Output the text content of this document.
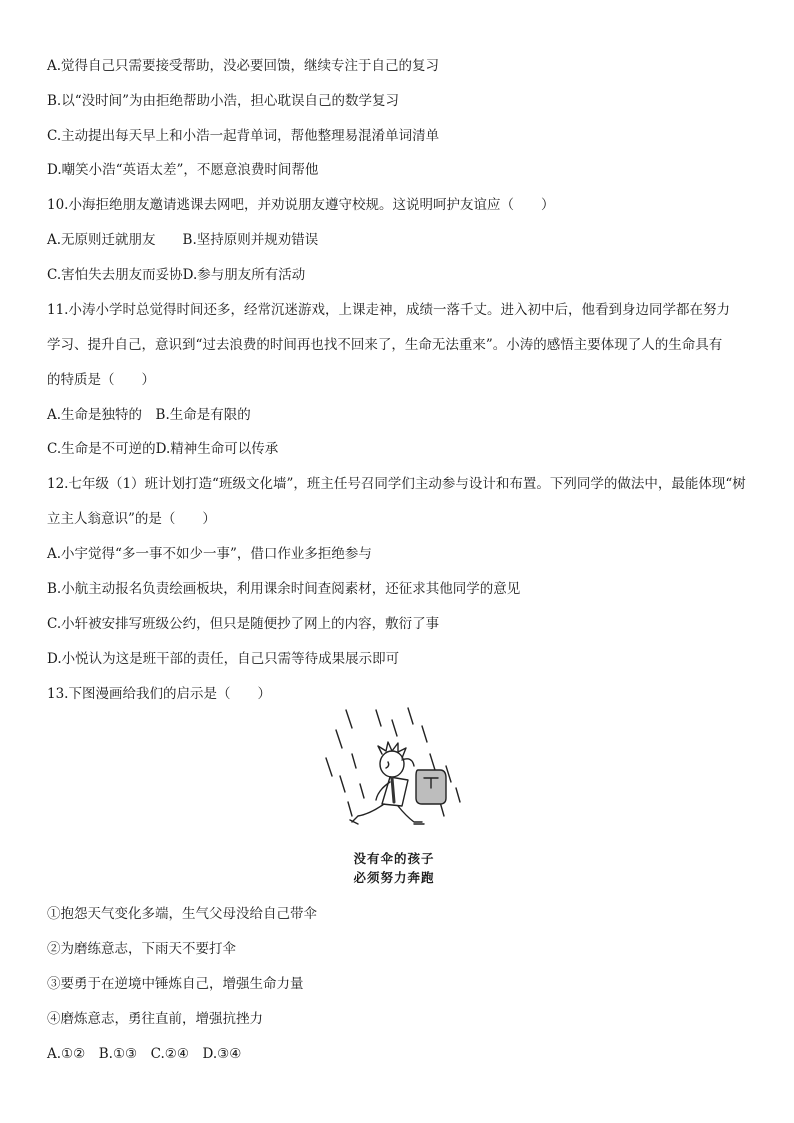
A.觉得自己只需要接受帮助，没必要回馈，继续专注于自己的复习
B.以“没时间”为由拒绝帮助小浩，担心耽误自己的数学复习
C.主动提出每天早上和小浩一起背单词，帮他整理易混淆单词清单
D.嘲笑小浩“英语太差”，不愿意浪费时间帮他
10.小海拒绝朋友邀请逃课去网吧，并劝说朋友遵守校规。这说明呵护友谊应（　　）
A.无原则迁就朋友　　B.坚持原则并规劝错误
C.害怕失去朋友而妥协D.参与朋友所有活动
11.小涛小学时总觉得时间还多，经常沉迷游戏，上课走神，成绩一落千丈。进入初中后，他看到身边同学都在努力
学习、提升自己，意识到“过去浪费的时间再也找不回来了，生命无法重来”。小涛的感悟主要体现了人的生命具有
的特质是（　　）
A.生命是独特的　B.生命是有限的
C.生命是不可逆的D.精神生命可以传承
12.七年级（1）班计划打造“班级文化墙”，班主任号召同学们主动参与设计和布置。下列同学的做法中，最能体现“树
立主人翁意识”的是（　　）
A.小宇觉得“多一事不如少一事”，借口作业多拒绝参与
B.小航主动报名负责绘画板块，利用课余时间查阅素材，还征求其他同学的意见
C.小轩被安排写班级公约，但只是随便抄了网上的内容，敷衍了事
D.小悦认为这是班干部的责任，自己只需等待成果展示即可
13.下图漫画给我们的启示是（　　）
没有伞的孩子
必须努力奔跑
①抱怨天气变化多端，生气父母没给自己带伞
②为磨练意志，下雨天不要打伞
③要勇于在逆境中锤炼自己，增强生命力量
④磨炼意志，勇往直前，增强抗挫力
A.①②　B.①③　C.②④　D.③④
